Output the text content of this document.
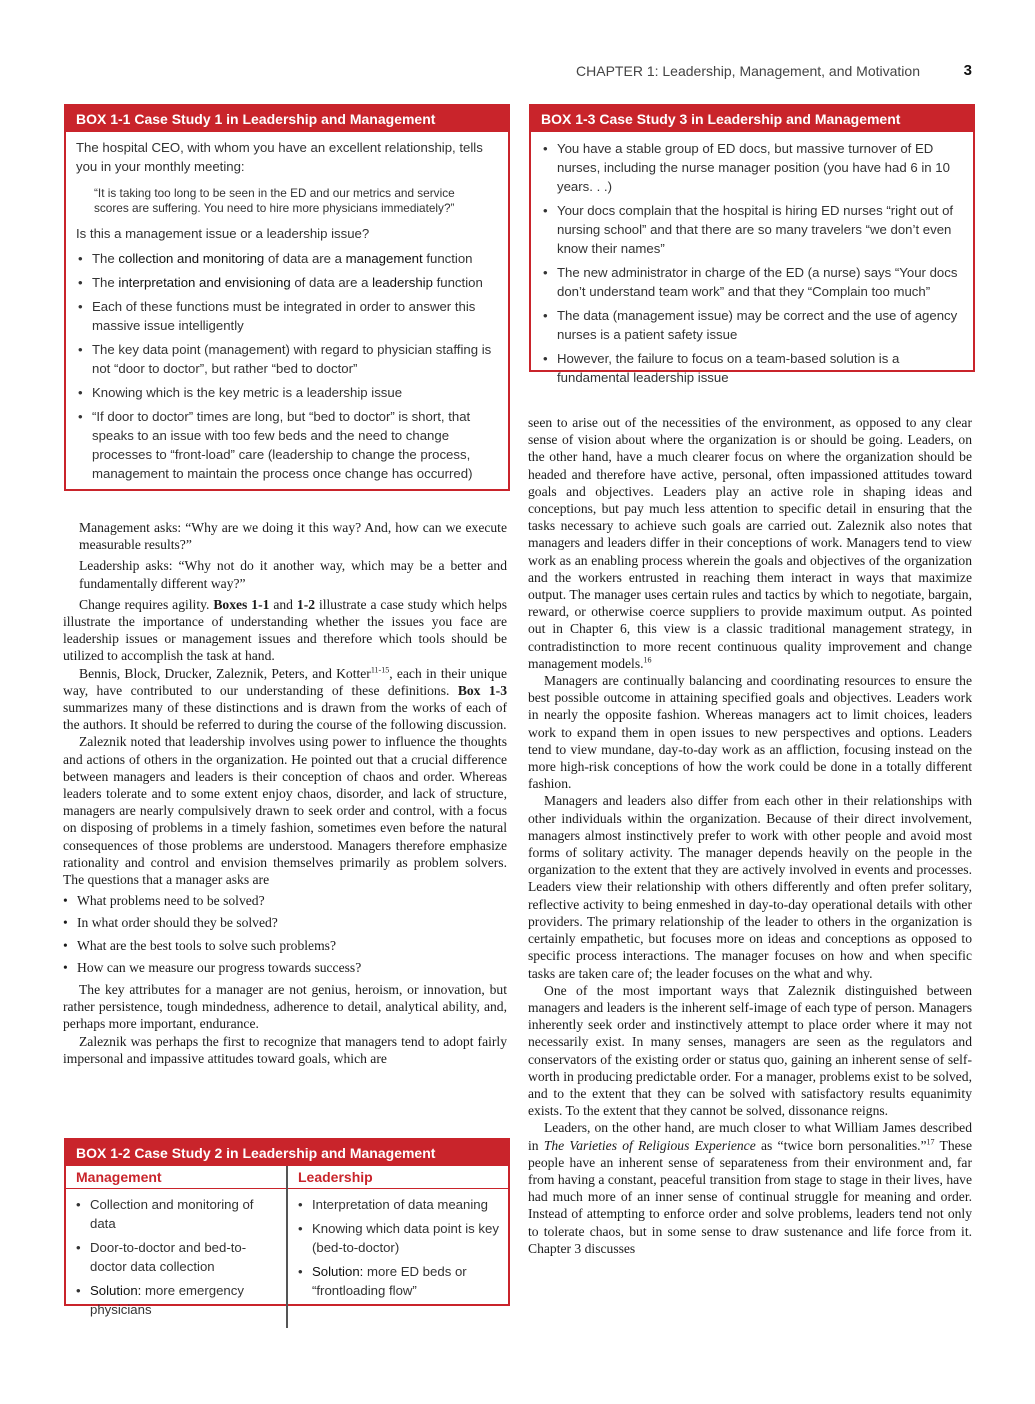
CHAPTER 1: Leadership, Management, and Motivation	3
BOX 1-1 Case Study 1 in Leadership and Management

The hospital CEO, with whom you have an excellent relationship, tells you in your monthly meeting:

“It is taking too long to be seen in the ED and our metrics and service scores are suffering. You need to hire more physicians immediately?”

Is this a management issue or a leadership issue?

• The collection and monitoring of data are a management function
• The interpretation and envisioning of data are a leadership function
• Each of these functions must be integrated in order to answer this massive issue intelligently
• The key data point (management) with regard to physician staffing is not “door to doctor”, but rather “bed to doctor”
• Knowing which is the key metric is a leadership issue
• “If door to doctor” times are long, but “bed to doctor” is short, that speaks to an issue with too few beds and the need to change processes to “front-load” care (leadership to change the process, management to maintain the process once change has occurred)
BOX 1-3 Case Study 3 in Leadership and Management
• You have a stable group of ED docs, but massive turnover of ED nurses, including the nurse manager position (you have had 6 in 10 years. . .)
• Your docs complain that the hospital is hiring ED nurses “right out of nursing school” and that there are so many travelers “we don’t even know their names”
• The new administrator in charge of the ED (a nurse) says “Your docs don’t understand team work” and that they “Complain too much”
• The data (management issue) may be correct and the use of agency nurses is a patient safety issue
• However, the failure to focus on a team-based solution is a fundamental leadership issue

Management asks: “Why are we doing it this way? And, how can we execute measurable results?”

Leadership asks: “Why not do it another way, which may be a better and fundamentally different way?”

Change requires agility. Boxes 1-1 and 1-2 illustrate a case study which helps illustrate the importance of understanding whether the issues you face are leadership issues or management issues and therefore which tools should be utilized to accomplish the task at hand.

Bennis, Block, Drucker, Zaleznik, Peters, and Kotter$^{11-15}$, each in their unique way, have contributed to our understanding of these definitions. Box 1-3 summarizes many of these distinctions and is drawn from the works of each of the authors. It should be referred to during the course of the following discussion.

Zaleznik noted that leadership involves using power to influence the thoughts and actions of others in the organization. He pointed out that a crucial difference between managers and leaders is their conception of chaos and order. Whereas leaders tolerate and to some extent enjoy chaos, disorder, and lack of structure, managers are nearly compulsively drawn to seek order and control, with a focus on disposing of problems in a timely fashion, sometimes even before the natural consequences of those problems are understood. Managers therefore emphasize rationality and control and envision themselves primarily as problem solvers. The questions that a manager asks are

• What problems need to be solved?
• In what order should they be solved?
• What are the best tools to solve such problems?
• How can we measure our progress towards success?

The key attributes for a manager are not genius, heroism, or innovation, but rather persistence, tough mindedness, adherence to detail, analytical ability, and, perhaps more important, endurance.

Zaleznik was perhaps the first to recognize that managers tend to adopt fairly impersonal and impassive attitudes toward goals, which are

BOX 1-2 Case Study 2 in Leadership and Management
Management
• Collection and monitoring of data
• Door-to-doctor and bed-to-doctor data collection
• Solution: more emergency physicians
Leadership
• Interpretation of data meaning
• Knowing which data point is key (bed-to-doctor)
• Solution: more ED beds or “frontloading flow”

seen to arise out of the necessities of the environment, as opposed to any clear sense of vision about where the organization is or should be going. Leaders, on the other hand, have a much clearer focus on where the organization should be headed and therefore have active, personal, often impassioned attitudes toward goals and objectives. Leaders play an active role in shaping ideas and conceptions, but pay much less attention to specific detail in ensuring that the tasks necessary to achieve such goals are carried out. Zaleznik also notes that managers and leaders differ in their conceptions of work. Managers tend to view work as an enabling process wherein the goals and objectives of the organization and the workers entrusted in reaching them interact in ways that maximize output. The manager uses certain rules and tactics by which to negotiate, bargain, reward, or otherwise coerce suppliers to provide maximum output. As pointed out in Chapter 6, this view is a classic traditional management strategy, in contradistinction to more recent continuous quality improvement and change management models.$^{16}$

Managers are continually balancing and coordinating resources to ensure the best possible outcome in attaining specified goals and objectives. Leaders work in nearly the opposite fashion. Whereas managers act to limit choices, leaders work to expand them in open issues to new perspectives and options. Leaders tend to view mundane, day-to-day work as an affliction, focusing instead on the more high-risk conceptions of how the work could be done in a totally different fashion.

Managers and leaders also differ from each other in their relationships with other individuals within the organization. Because of their direct involvement, managers almost instinctively prefer to work with other people and avoid most forms of solitary activity. The manager depends heavily on the people in the organization to the extent that they are actively involved in events and processes. Leaders view their relationship with others differently and often prefer solitary, reflective activity to being enmeshed in day-to-day operational details with other providers. The primary relationship of the leader to others in the organization is certainly empathetic, but focuses more on ideas and conceptions as opposed to specific process interactions. The manager focuses on how and when specific tasks are taken care of; the leader focuses on the what and why.

One of the most important ways that Zaleznik distinguished between managers and leaders is the inherent self-image of each type of person. Managers inherently seek order and instinctively attempt to place order where it may not necessarily exist. In many senses, managers are seen as the regulators and conservators of the existing order or status quo, gaining an inherent sense of self-worth in producing predictable order. For a manager, problems exist to be solved, and to the extent that they can be solved with satisfactory results equanimity exists. To the extent that they cannot be solved, dissonance reigns.

Leaders, on the other hand, are much closer to what William James described in The Varieties of Religious Experience as “twice born personalities.”$^{17}$ These people have an inherent sense of separateness from their environment and, far from having a constant, peaceful transition from stage to stage in their lives, have had much more of an inner sense of continual struggle for meaning and order. Instead of attempting to enforce order and solve problems, leaders tend not only to tolerate chaos, but in some sense to draw sustenance and life force from it. Chapter 3 discusses
